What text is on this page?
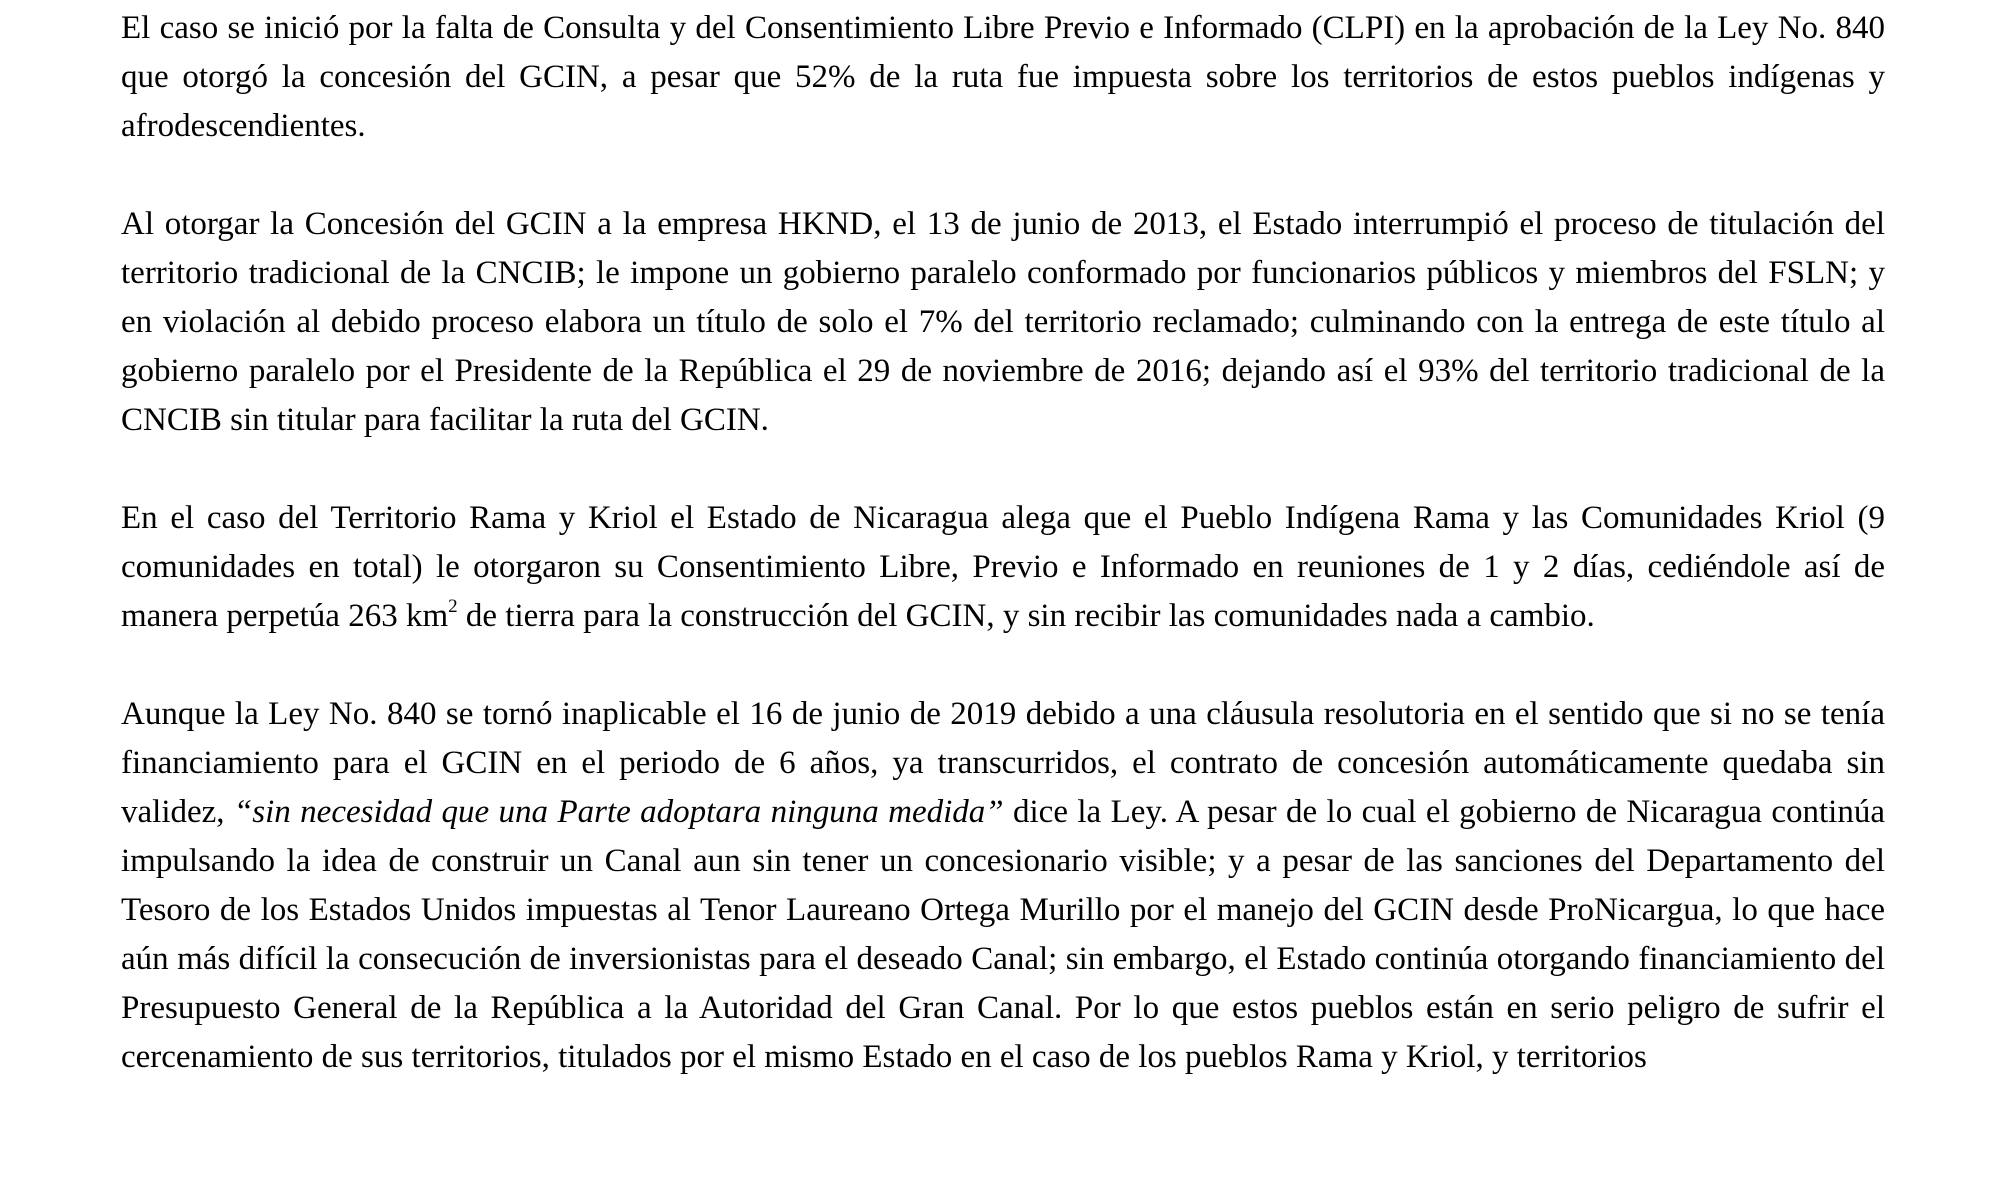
El caso se inició por la falta de Consulta y del Consentimiento Libre Previo e Informado (CLPI) en la aprobación de la Ley No. 840 que otorgó la concesión del GCIN, a pesar que 52% de la ruta fue impuesta sobre los territorios de estos pueblos indígenas y afrodescendientes.

Al otorgar la Concesión del GCIN a la empresa HKND, el 13 de junio de 2013, el Estado interrumpió el proceso de titulación del territorio tradicional de la CNCIB; le impone un gobierno paralelo conformado por funcionarios públicos y miembros del FSLN; y en violación al debido proceso elabora un título de solo el 7% del territorio reclamado; culminando con la entrega de este título al gobierno paralelo por el Presidente de la República el 29 de noviembre de 2016; dejando así el 93% del territorio tradicional de la CNCIB sin titular para facilitar la ruta del GCIN.

En el caso del Territorio Rama y Kriol el Estado de Nicaragua alega que el Pueblo Indígena Rama y las Comunidades Kriol (9 comunidades en total) le otorgaron su Consentimiento Libre, Previo e Informado en reuniones de 1 y 2 días, cediéndole así de manera perpetúa 263 $km^2$ de tierra para la construcción del GCIN, y sin recibir las comunidades nada a cambio.

Aunque la Ley No. 840 se tornó inaplicable el 16 de junio de 2019 debido a una cláusula resolutoria en el sentido que si no se tenía financiamiento para el GCIN en el periodo de 6 años, ya transcurridos, el contrato de concesión automáticamente quedaba sin validez, “sin necesidad que una Parte adoptara ninguna medida” dice la Ley. A pesar de lo cual el gobierno de Nicaragua continúa impulsando la idea de construir un Canal aun sin tener un concesionario visible; y a pesar de las sanciones del Departamento del Tesoro de los Estados Unidos impuestas al Tenor Laureano Ortega Murillo por el manejo del GCIN desde ProNicargua, lo que hace aún más difícil la consecución de inversionistas para el deseado Canal; sin embargo, el Estado continúa otorgando financiamiento del Presupuesto General de la República a la Autoridad del Gran Canal. Por lo que estos pueblos están en serio peligro de sufrir el cercenamiento de sus territorios, titulados por el mismo Estado en el caso de los pueblos Rama y Kriol, y territorios
